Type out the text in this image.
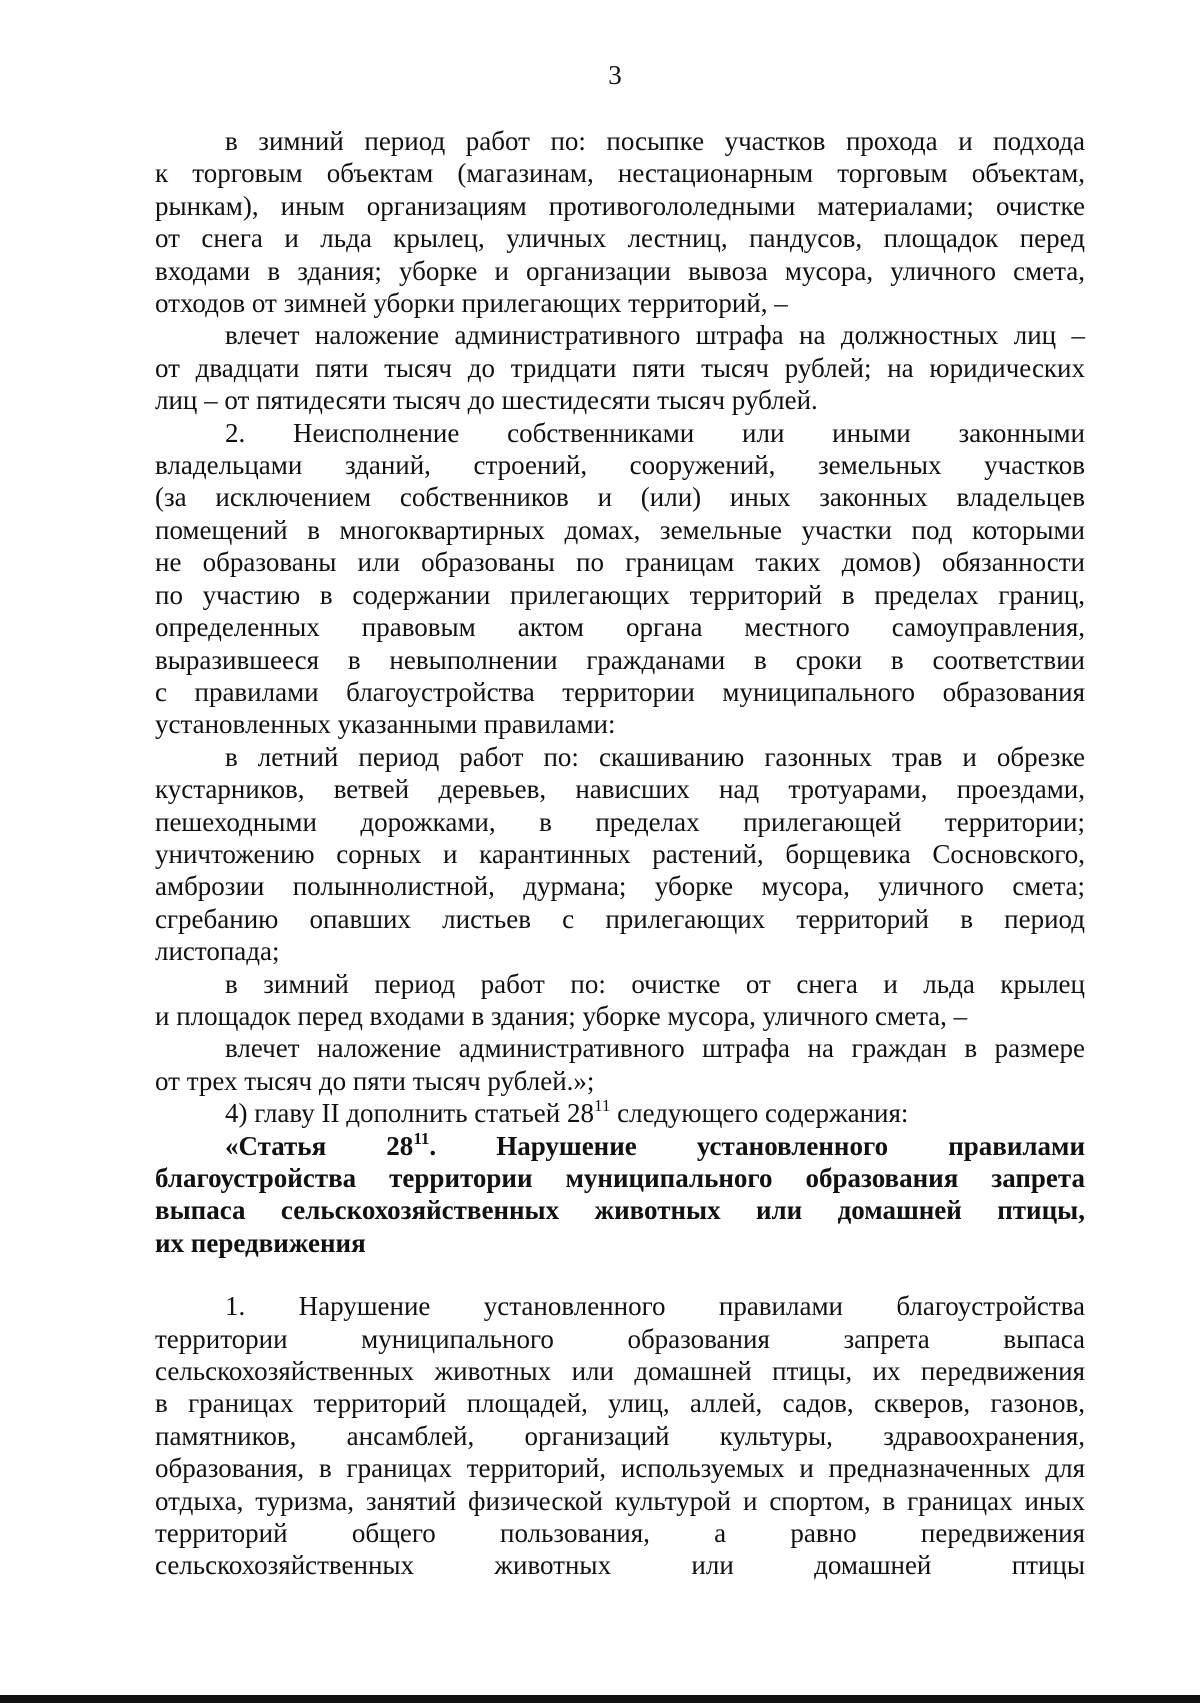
3
в зимний период работ по: посыпке участков прохода и подхода
к торговым объектам (магазинам, нестационарным торговым объектам,
рынкам), иным организациям противогололедными материалами; очистке
от снега и льда крылец, уличных лестниц, пандусов, площадок перед
входами в здания; уборке и организации вывоза мусора, уличного смета,
отходов от зимней уборки прилегающих территорий, –
влечет наложение административного штрафа на должностных лиц –
от двадцати пяти тысяч до тридцати пяти тысяч рублей; на юридических
лиц – от пятидесяти тысяч до шестидесяти тысяч рублей.
2. Неисполнение собственниками или иными законными
владельцами зданий, строений, сооружений, земельных участков
(за исключением собственников и (или) иных законных владельцев
помещений в многоквартирных домах, земельные участки под которыми
не образованы или образованы по границам таких домов) обязанности
по участию в содержании прилегающих территорий в пределах границ,
определенных правовым актом органа местного самоуправления,
выразившееся в невыполнении гражданами в сроки в соответствии
с правилами благоустройства территории муниципального образования
установленных указанными правилами:
в летний период работ по: скашиванию газонных трав и обрезке
кустарников, ветвей деревьев, нависших над тротуарами, проездами,
пешеходными дорожками, в пределах прилегающей территории;
уничтожению сорных и карантинных растений, борщевика Сосновского,
амброзии полыннолистной, дурмана; уборке мусора, уличного смета;
сгребанию опавших листьев с прилегающих территорий в период
листопада;
в зимний период работ по: очистке от снега и льда крылец
и площадок перед входами в здания; уборке мусора, уличного смета, –
влечет наложение административного штрафа на граждан в размере
от трех тысяч до пяти тысяч рублей.»;
4) главу II дополнить статьей $28^{11}$ следующего содержания:
«Статья $28^{11}$. Нарушение установленного правилами
благоустройства территории муниципального образования запрета
выпаса сельскохозяйственных животных или домашней птицы,
их передвижения
1. Нарушение установленного правилами благоустройства
территории муниципального образования запрета выпаса
сельскохозяйственных животных или домашней птицы, их передвижения
в границах территорий площадей, улиц, аллей, садов, скверов, газонов,
памятников, ансамблей, организаций культуры, здравоохранения,
образования, в границах территорий, используемых и предназначенных для
отдыха, туризма, занятий физической культурой и спортом, в границах иных
территорий общего пользования, а равно передвижения
сельскохозяйственных животных или домашней птицы
